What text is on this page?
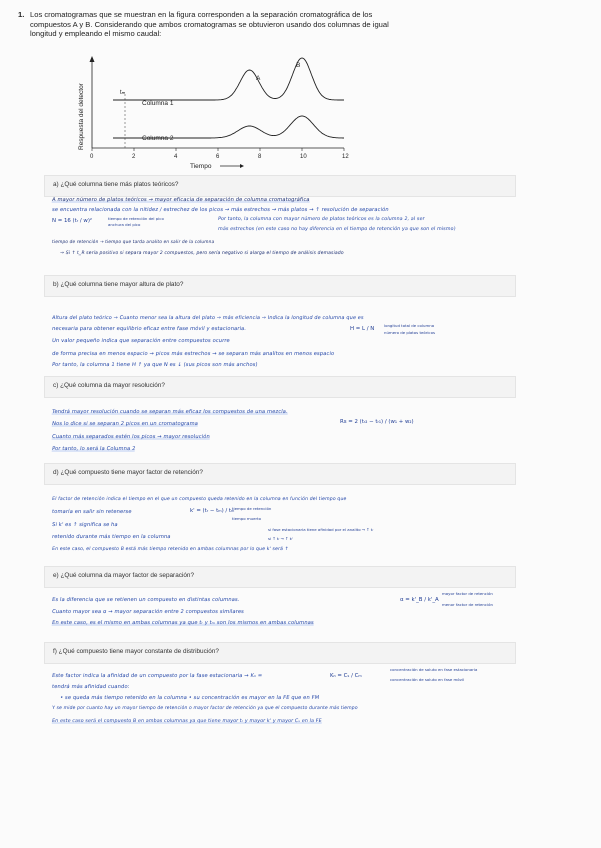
1. Los cromatogramas que se muestran en la figura corresponden a la separación cromatográfica de los compuestos A y B. Considerando que ambos cromatogramas se obtuvieron usando dos columnas de igual longitud y empleando el mismo caudal:
tₘ
Columna 1
Columna 2
A
B
0	2	4	6	8	10	12
Tiempo
Respuesta del detector
a) ¿Qué columna tiene más platos teóricos?
A mayor número de platos teóricos → mayor eficacia de separación de columna cromatográfica
se encuentra relacionada con la nitidez / estrechez de los picos → más estrechos → más platos → ↑ resolución de separación
N = 16 (tᵣ / w)²	tiempo de retención del pico
anchura del pico
Por tanto, la columna con mayor número de platos teóricos es la columna 2, al ser
más estrechos (en este caso no hay diferencia en el tiempo de retención ya que son el mismo)
tiempo de retención → tiempo que tarda analito en salir de la columna
→ Si ↑ t_R sería positivo si separa mayor 2 compuestos, pero sería negativo si alarga el tiempo de análisis demasiado
b) ¿Qué columna tiene mayor altura de plato?
Altura del plato teórico → Cuanto menor sea la altura del plato → más eficiencia → Indica la longitud de columna que es
necesaria para obtener equilibrio eficaz entre fase móvil y estacionaria.	H = L / N
longitud total de columna
número de platos teóricos
Un valor pequeño indica que separación entre compuestos ocurre
de forma precisa en menos espacio → picos más estrechos → se separan más analitos en menos espacio
Por tanto, la columna 1 tiene H ↑ ya que N es ↓ (sus picos son más anchos)
c) ¿Qué columna da mayor resolución?
Tendrá mayor resolución cuando se separan más eficaz los compuestos de una mezcla.
Nos lo dice si se separan 2 picos en un cromatograma	Rs = 2 (tᵣ₂ − tᵣ₁) / (w₁ + w₂)
Cuanto más separados estén los picos → mayor resolución
Por tanto, lo será la Columna 2
d) ¿Qué compuesto tiene mayor factor de retención?
El factor de retención indica el tiempo en el que un compuesto queda retenido en la columna en función del tiempo que
tomaría en salir sin retenerse	k' = (tᵣ − tₘ) / tₘ
tiempo de retención
tiempo muerto
Si k' es ↑ significa se ha
si fase estacionaria tiene afinidad por el analito → ↑ tᵣ
retenido durante más tiempo en la columna	si ↑ tᵣ → ↑ k'
En este caso, el compuesto B está más tiempo retenido en ambas columnas por lo que k' será ↑
e) ¿Qué columna da mayor factor de separación?
Es la diferencia que se retienen un compuesto en distintas columnas.	α = k'_B / k'_A
mayor factor de retención
menor factor de retención
Cuanto mayor sea α → mayor separación entre 2 compuestos similares
En este caso, es el mismo en ambas columnas ya que tᵣ y tₘ son los mismos en ambas columnas
f) ¿Qué compuesto tiene mayor constante de distribución?
Este factor indica la afinidad de un compuesto por la fase estacionaria → Kₙ =	Kₙ = Cₛ / Cₘ
concentración de soluto en fase estacionaria
concentración de soluto en fase móvil
tendrá más afinidad cuando:
• se queda más tiempo retenido en la columna • su concentración es mayor en la FE que en FM
Y se mide por cuanto hay un mayor tiempo de retención o mayor factor de retención ya que el compuesto durante más tiempo
En este caso será el compuesto B en ambas columnas ya que tiene mayor tᵣ y mayor k' y mayor Cₛ en la FE
